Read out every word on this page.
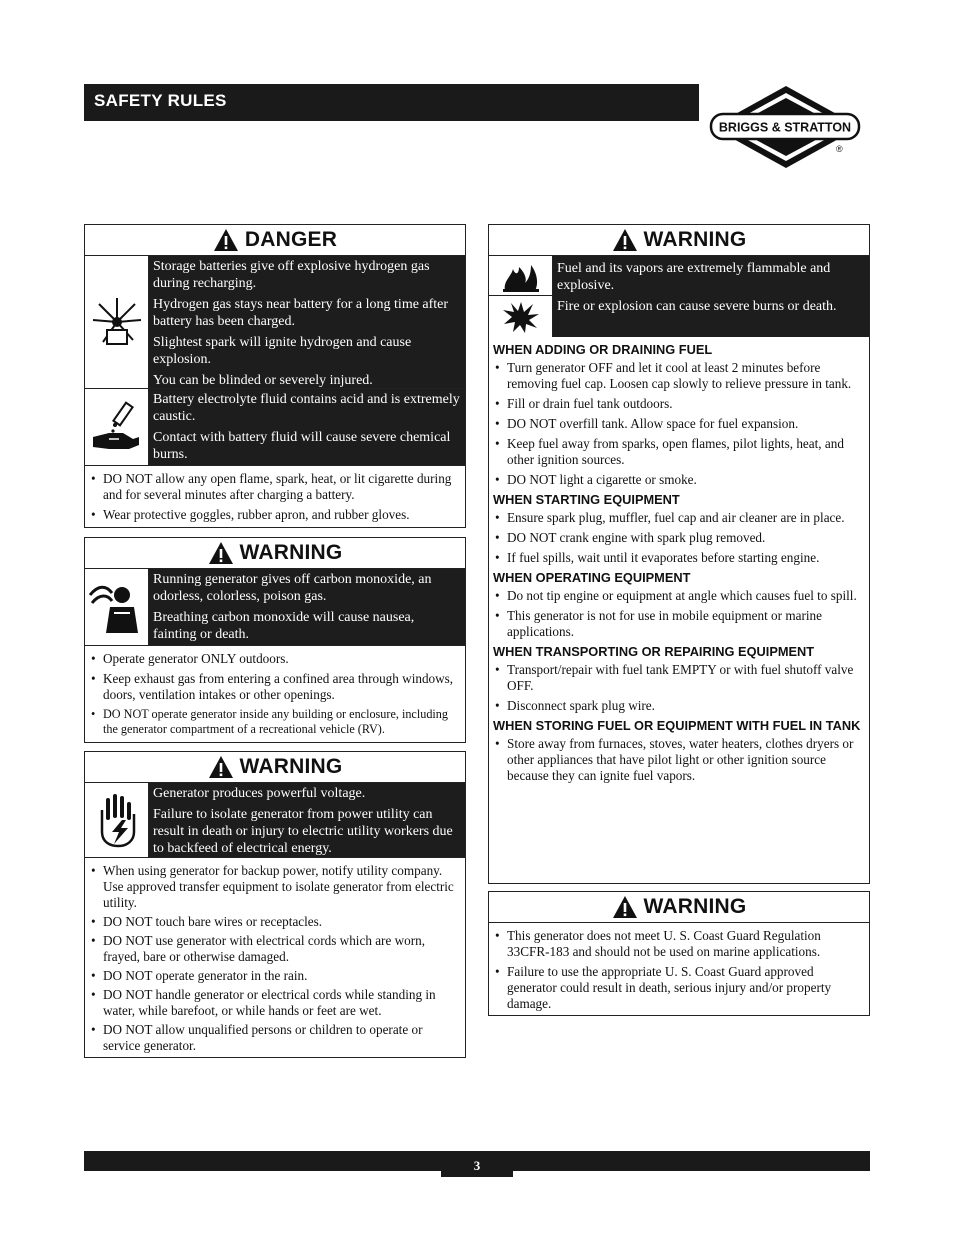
SAFETY RULES
BRIGGS & STRATTON
®
DANGER

Storage batteries give off explosive hydrogen gas during recharging.

Hydrogen gas stays near battery for a long time after battery has been charged.

Slightest spark will ignite hydrogen and cause explosion.

You can be blinded or severely injured.

Battery electrolyte fluid contains acid and is extremely caustic.

Contact with battery fluid will cause severe chemical burns.

• DO NOT allow any open flame, spark, heat, or lit cigarette during and for several minutes after charging a battery.
• Wear protective goggles, rubber apron, and rubber gloves.
WARNING

Running generator gives off carbon monoxide, an odorless, colorless, poison gas.

Breathing carbon monoxide will cause nausea, fainting or death.

• Operate generator ONLY outdoors.
• Keep exhaust gas from entering a confined area through windows, doors, ventilation intakes or other openings.
• DO NOT operate generator inside any building or enclosure, including the generator compartment of a recreational vehicle (RV).
WARNING

Generator produces powerful voltage.

Failure to isolate generator from power utility can result in death or injury to electric utility workers due to backfeed of electrical energy.

• When using generator for backup power, notify utility company. Use approved transfer equipment to isolate generator from electric utility.
• DO NOT touch bare wires or receptacles.
• DO NOT use generator with electrical cords which are worn, frayed, bare or otherwise damaged.
• DO NOT operate generator in the rain.
• DO NOT handle generator or electrical cords while standing in water, while barefoot, or while hands or feet are wet.
• DO NOT allow unqualified persons or children to operate or service generator.
WARNING

Fuel and its vapors are extremely flammable and explosive.

Fire or explosion can cause severe burns or death.

WHEN ADDING OR DRAINING FUEL
• Turn generator OFF and let it cool at least 2 minutes before removing fuel cap. Loosen cap slowly to relieve pressure in tank.
• Fill or drain fuel tank outdoors.
• DO NOT overfill tank. Allow space for fuel expansion.
• Keep fuel away from sparks, open flames, pilot lights, heat, and other ignition sources.
• DO NOT light a cigarette or smoke.
WHEN STARTING EQUIPMENT
• Ensure spark plug, muffler, fuel cap and air cleaner are in place.
• DO NOT crank engine with spark plug removed.
• If fuel spills, wait until it evaporates before starting engine.
WHEN OPERATING EQUIPMENT
• Do not tip engine or equipment at angle which causes fuel to spill.
• This generator is not for use in mobile equipment or marine applications.
WHEN TRANSPORTING OR REPAIRING EQUIPMENT
• Transport/repair with fuel tank EMPTY or with fuel shutoff valve OFF.
• Disconnect spark plug wire.
WHEN STORING FUEL OR EQUIPMENT WITH FUEL IN TANK
• Store away from furnaces, stoves, water heaters, clothes dryers or other appliances that have pilot light or other ignition source because they can ignite fuel vapors.
WARNING
• This generator does not meet U. S. Coast Guard Regulation 33CFR-183 and should not be used on marine applications.
• Failure to use the appropriate U. S. Coast Guard approved generator could result in death, serious injury and/or property damage.
3
